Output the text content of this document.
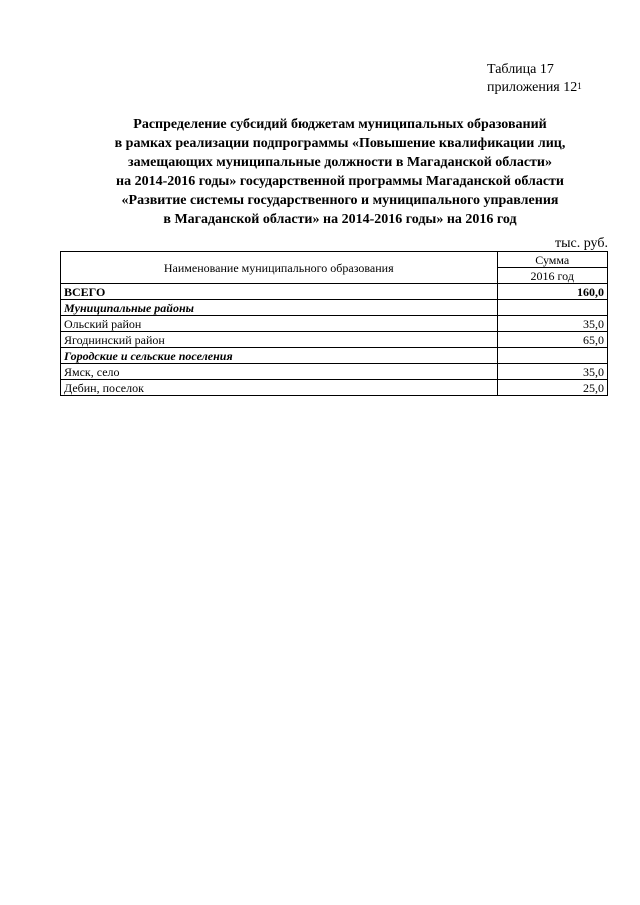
Таблица 17
приложения $12^1$
Распределение субсидий бюджетам муниципальных образований
в рамках реализации подпрограммы «Повышение квалификации лиц,
замещающих муниципальные должности в Магаданской области»
на 2014-2016 годы» государственной программы Магаданской области
«Развитие системы государственного и муниципального управления
в Магаданской области» на 2014-2016 годы» на 2016 год
тыс. руб.
Наименование муниципального образования	Сумма
	2016 год
ВСЕГО	160,0
Муниципальные районы	
Ольский район	35,0
Ягоднинский район	65,0
Городские и сельские поселения	
Ямск, село	35,0
Дебин, поселок	25,0
